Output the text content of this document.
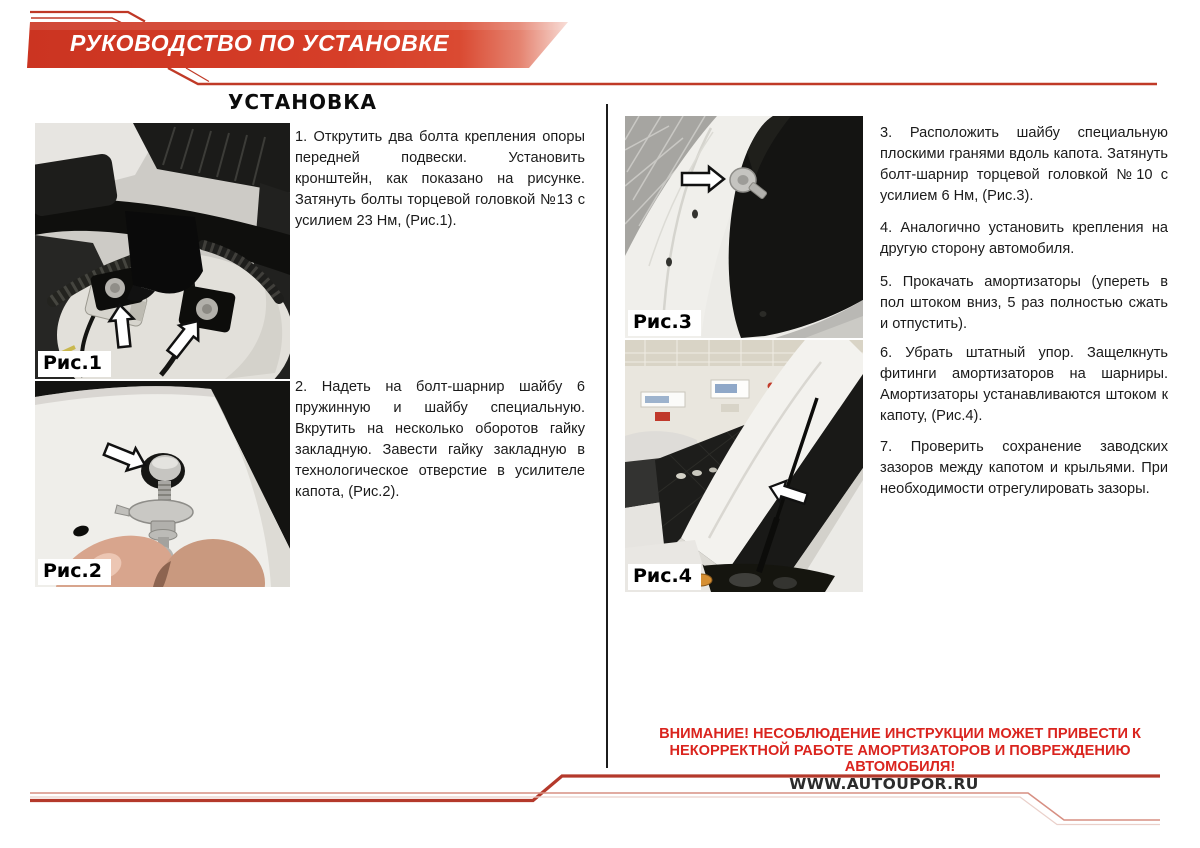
РУКОВОДСТВО ПО УСТАНОВКЕ
УСТАНОВКА
Рис.1
Рис.2
Рис.3
Рис.4

1. Открутить два болта крепления опоры передней подвески. Установить кронштейн, как показано на рисунке. Затянуть болты торцевой головкой №13 с усилием 23 Нм, (Рис.1).

2. Надеть на болт-шарнир шайбу 6 пружинную и шайбу специальную. Вкрутить на несколько оборотов гайку закладную. Завести гайку закладную в технологическое отверстие в усилителе капота, (Рис.2).

3. Расположить шайбу специальную плоскими гранями вдоль капота. Затянуть болт-шарнир торцевой головкой №10 с усилием 6 Нм, (Рис.3).

4. Аналогично установить крепления на другую сторону автомобиля.

5. Прокачать амортизаторы (упереть в пол штоком вниз, 5 раз полностью сжать и отпустить).

6. Убрать штатный упор. Защелкнуть фитинги амортизаторов на шарниры. Амортизаторы устанавливаются штоком к капоту, (Рис.4).

7. Проверить сохранение заводских зазоров между капотом и крыльями. При необходимости отрегулировать зазоры.

ВНИМАНИЕ! НЕСОБЛЮДЕНИЕ ИНСТРУКЦИИ МОЖЕТ ПРИВЕСТИ К НЕКОРРЕКТНОЙ РАБОТЕ АМОРТИЗАТОРОВ И ПОВРЕЖДЕНИЮ АВТОМОБИЛЯ!
WWW.AUTOUPOR.RU
